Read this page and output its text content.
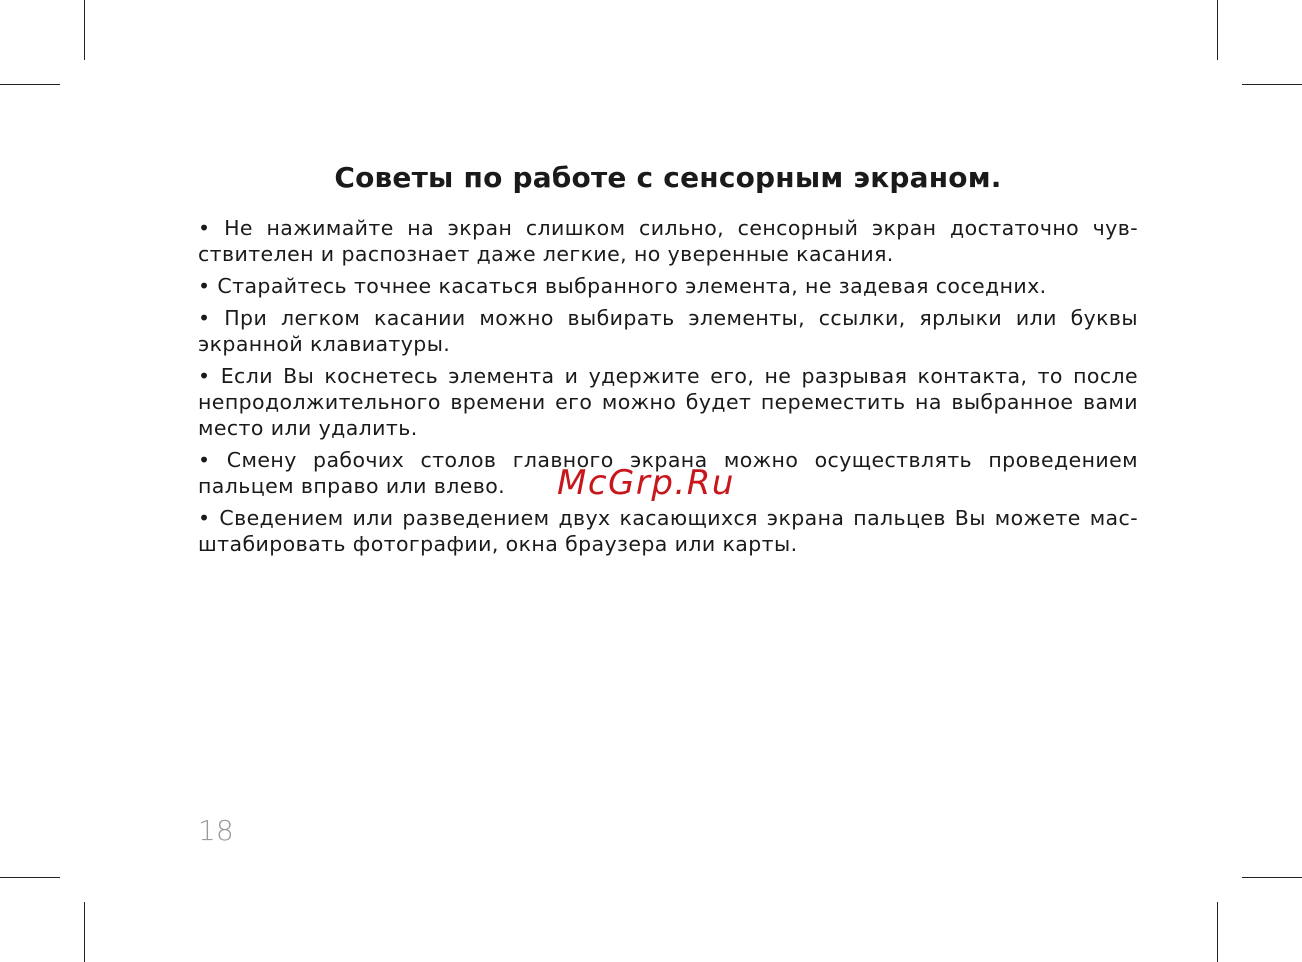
Советы по работе с сенсорным экраном.

• Не нажимайте на экран слишком сильно, сенсорный экран достаточно чув-ствителен и распознает даже легкие, но уверенные касания.

• Старайтесь точнее касаться выбранного элемента, не задевая соседних.

• При легком касании можно выбирать элементы, ссылки, ярлыки или буквы экранной клавиатуры.

• Если Вы коснетесь элемента и удержите его, не разрывая контакта, то после непродолжительного времени его можно будет переместить на выбранное вами место или удалить.

• Смену рабочих столов главного экрана можно осуществлять проведением пальцем вправо или влево.

• Сведением или разведением двух касающихся экрана пальцев Вы можете мас-штабировать фотографии, окна браузера или карты.

McGrp.Ru
18
